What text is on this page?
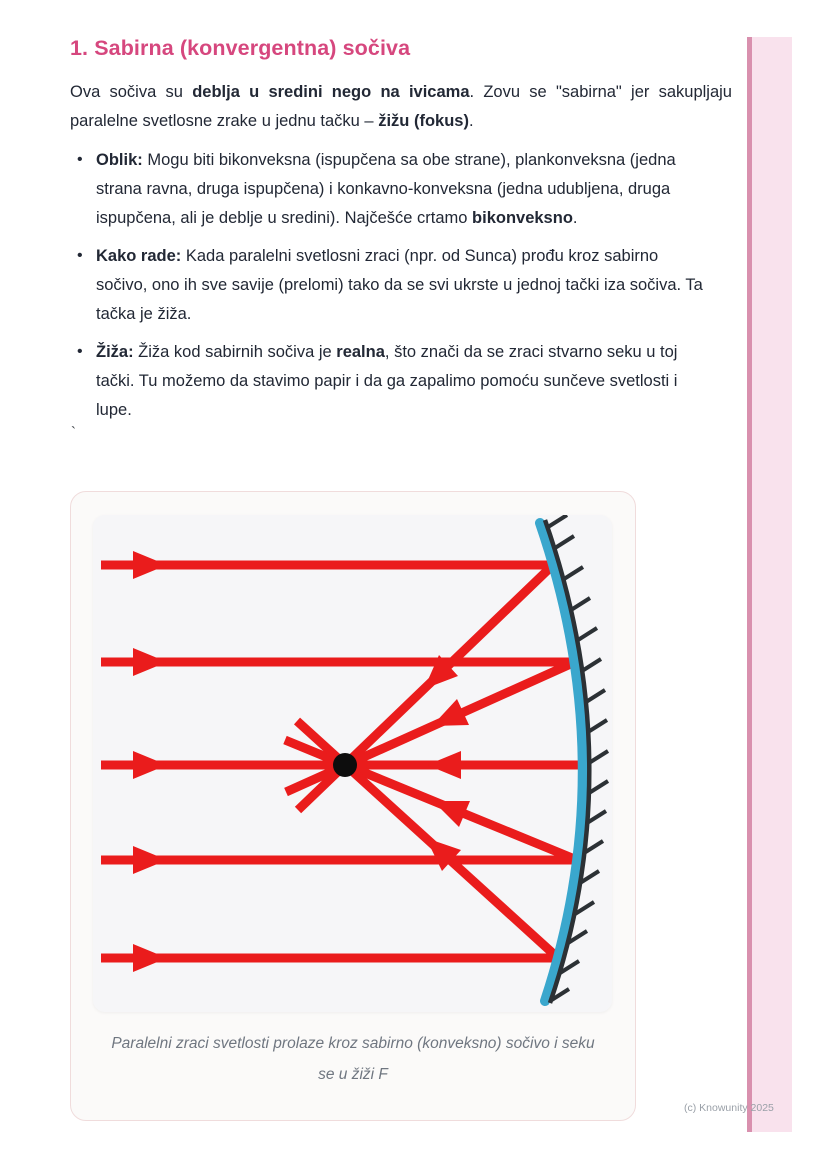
1. Sabirna (konvergentna) sočiva

Ova sočiva su deblja u sredini nego na ivicama. Zovu se "sabirna" jer sakupljaju paralelne svetlosne zrake u jednu tačku – žižu (fokus).

• Oblik: Mogu biti bikonveksna (ispupčena sa obe strane), plankonveksna (jedna strana ravna, druga ispupčena) i konkavno-konveksna (jedna udubljena, druga ispupčena, ali je deblje u sredini). Najčešće crtamo bikonveksno.
• Kako rade: Kada paralelni svetlosni zraci (npr. od Sunca) prođu kroz sabirno sočivo, ono ih sve savije (prelomi) tako da se svi ukrste u jednoj tački iza sočiva. Ta tačka je žiža.
• Žiža: Žiža kod sabirnih sočiva je realna, što znači da se zraci stvarno seku u toj tački. Tu možemo da stavimo papir i da ga zapalimo pomoću sunčeve svetlosti i lupe.
`
Paralelni zraci svetlosti prolaze kroz sabirno (konveksno) sočivo i seku se u žiži F
(c) Knowunity 2025
